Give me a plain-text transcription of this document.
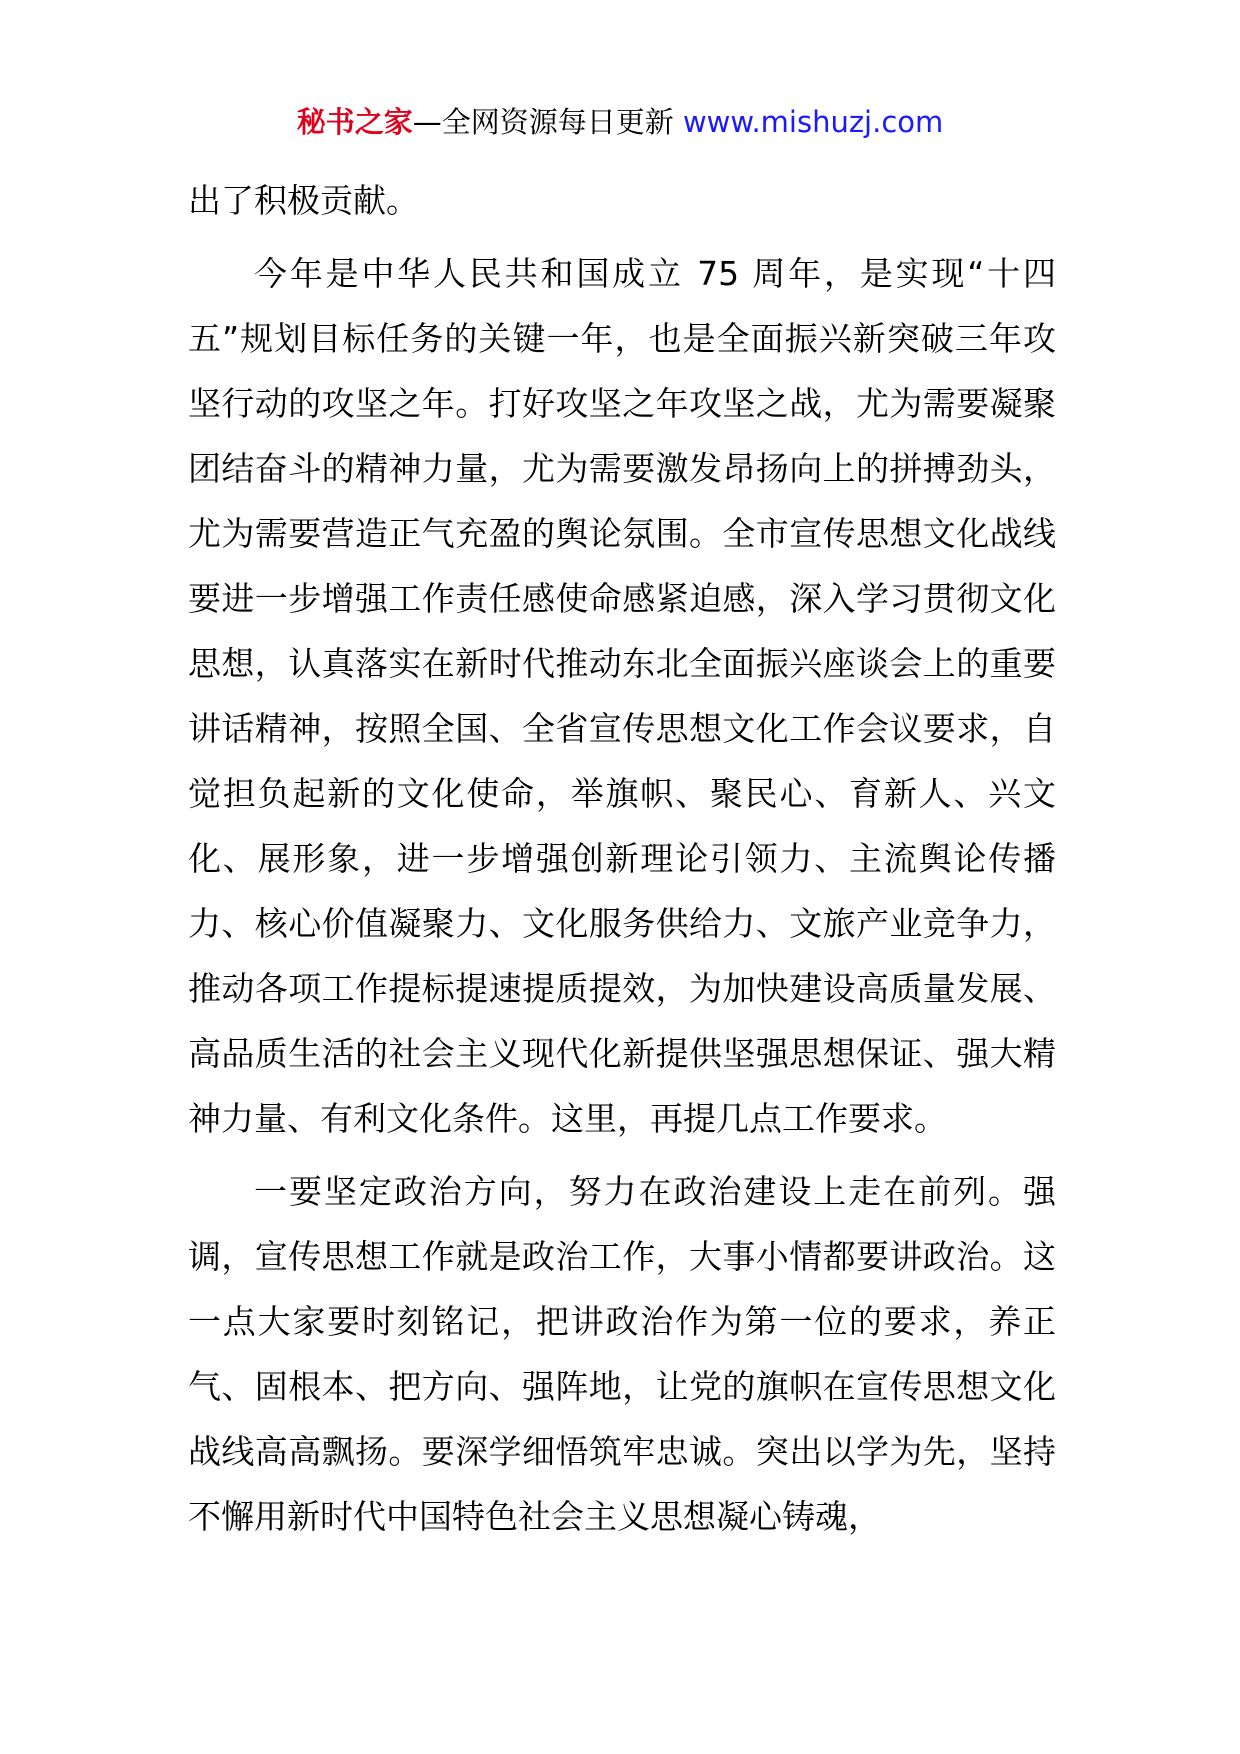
秘书之家—全网资源每日更新 www.mishuzj.com

出了积极贡献。

今年是中华人民共和国成立 75 周年，是实现“十四五”规划目标任务的关键一年，也是全面振兴新突破三年攻坚行动的攻坚之年。打好攻坚之年攻坚之战，尤为需要凝聚团结奋斗的精神力量，尤为需要激发昂扬向上的拼搏劲头，尤为需要营造正气充盈的舆论氛围。全市宣传思想文化战线要进一步增强工作责任感使命感紧迫感，深入学习贯彻文化思想，认真落实在新时代推动东北全面振兴座谈会上的重要讲话精神，按照全国、全省宣传思想文化工作会议要求，自觉担负起新的文化使命，举旗帜、聚民心、育新人、兴文化、展形象，进一步增强创新理论引领力、主流舆论传播力、核心价值凝聚力、文化服务供给力、文旅产业竞争力，推动各项工作提标提速提质提效，为加快建设高质量发展、高品质生活的社会主义现代化新提供坚强思想保证、强大精神力量、有利文化条件。这里，再提几点工作要求。

一要坚定政治方向，努力在政治建设上走在前列。强调，宣传思想工作就是政治工作，大事小情都要讲政治。这一点大家要时刻铭记，把讲政治作为第一位的要求，养正气、固根本、把方向、强阵地，让党的旗帜在宣传思想文化战线高高飘扬。要深学细悟筑牢忠诚。突出以学为先，坚持不懈用新时代中国特色社会主义思想凝心铸魂，
